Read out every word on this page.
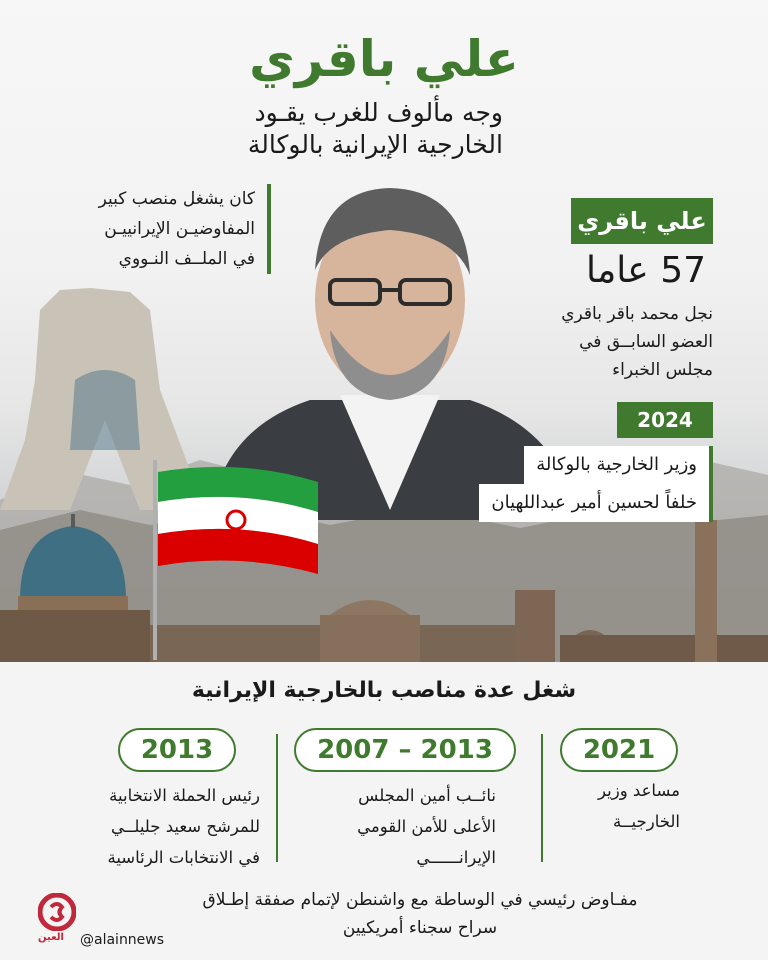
علي باقري
وجه مألوف للغرب يقـود
الخارجية الإيرانية بالوكالة
كان يشغل منصب كبير
المفاوضيـن الإيرانييـن
في الملــف النـووي
علي باقري
57 عاما
نجل محمد باقر باقري
العضو السابــق في
مجلس الخبراء
2024
وزير الخارجية بالوكالة
خلفاً لحسين أمير عبداللهيان
شغل عدة مناصب بالخارجية الإيرانية
2021
2013 – 2007
2013
مساعد وزير
الخارجيــة
نائــب أمين المجلس
الأعلى للأمن القومي
الإيرانــــــي
رئيس الحملة الانتخابية
للمرشح سعيد جليلــي
في الانتخابات الرئاسية
مفـاوض رئيسي في الوساطة مع واشنطن لإتمام صفقة إطـلاق
سراح سجناء أمريكيين
العين @alainnews
